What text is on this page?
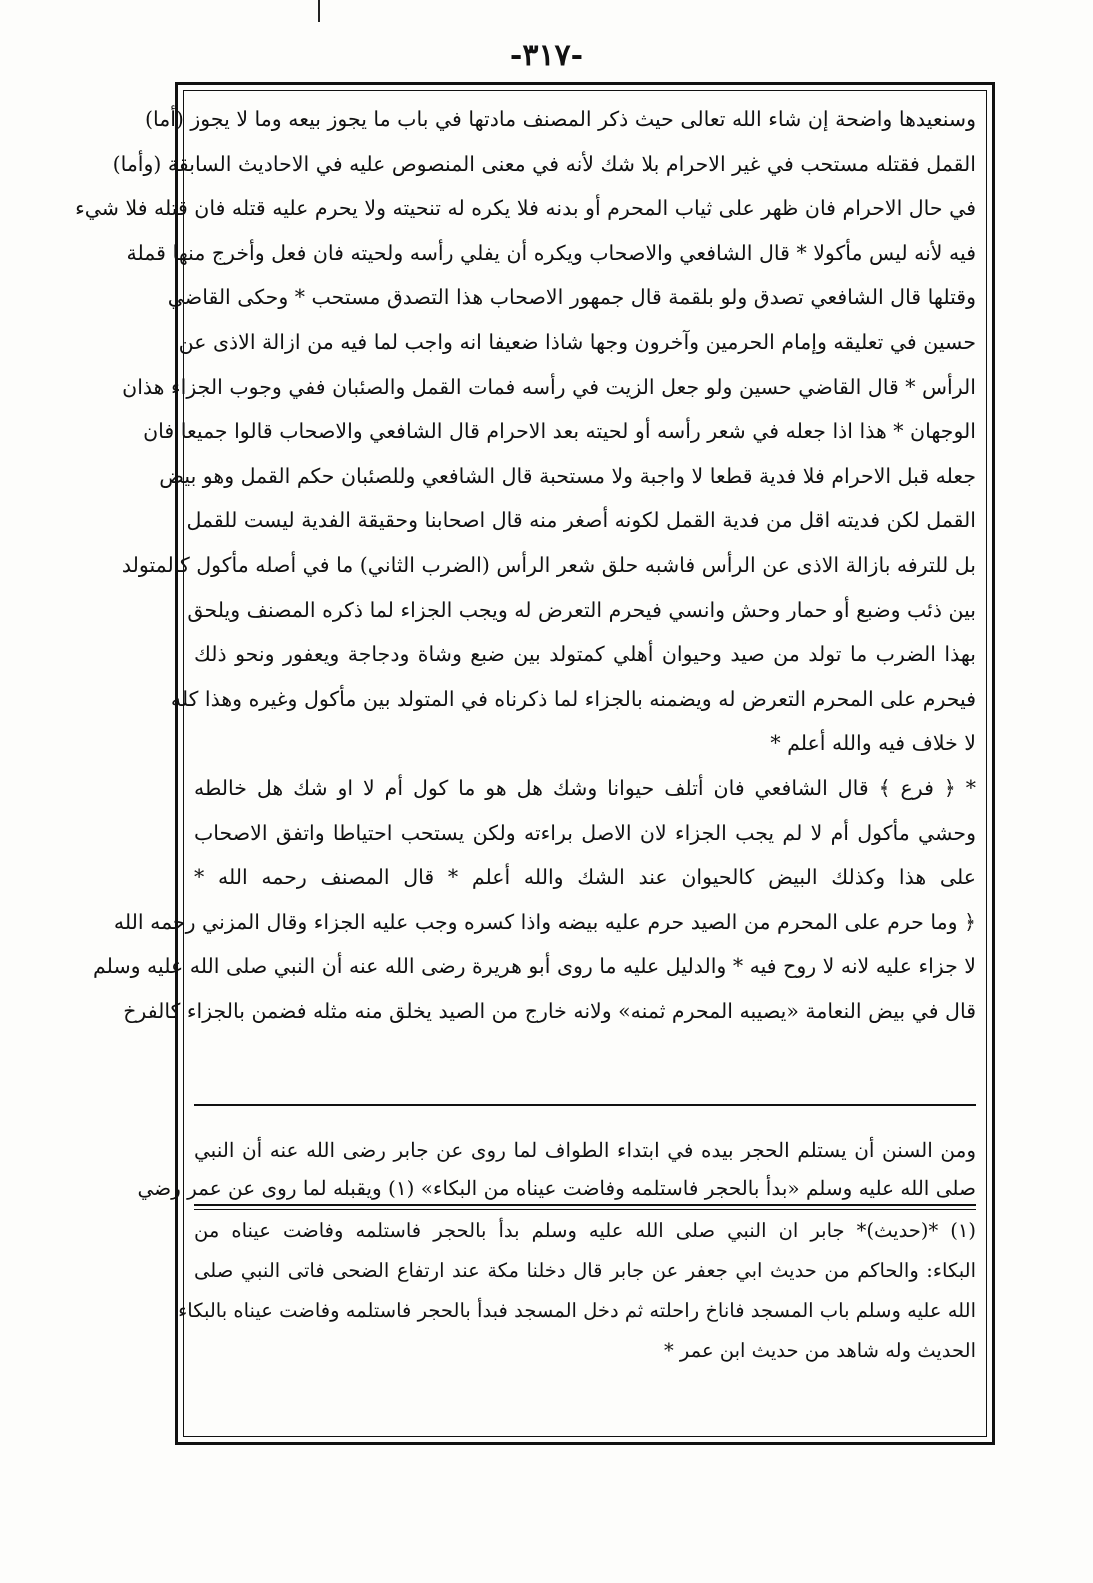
-٣١٧-
وسنعيدها واضحة إن شاء الله تعالى حيث ذكر المصنف مادتها في باب ما يجوز بيعه وما لا يجوز (أما)
القمل فقتله مستحب في غير الاحرام بلا شك لأنه في معنى المنصوص عليه في الاحاديث السابقة (وأما)
في حال الاحرام فان ظهر على ثياب المحرم أو بدنه فلا يكره له تنحيته ولا يحرم عليه قتله فان قتله فلا شيء
فيه لأنه ليس مأكولا * قال الشافعي والاصحاب ويكره أن يفلي رأسه ولحيته فان فعل وأخرج منها قملة
وقتلها قال الشافعي تصدق ولو بلقمة قال جمهور الاصحاب هذا التصدق مستحب * وحكى القاضي
حسين في تعليقه وإمام الحرمين وآخرون وجها شاذا ضعيفا انه واجب لما فيه من ازالة الاذى عن
الرأس * قال القاضي حسين ولو جعل الزيت في رأسه فمات القمل والصئبان ففي وجوب الجزاء هذان
الوجهان * هذا اذا جعله في شعر رأسه أو لحيته بعد الاحرام قال الشافعي والاصحاب قالوا جميعا فان
جعله قبل الاحرام فلا فدية قطعا لا واجبة ولا مستحبة قال الشافعي وللصئبان حكم القمل وهو بيض
القمل لكن فديته اقل من فدية القمل لكونه أصغر منه قال اصحابنا وحقيقة الفدية ليست للقمل
بل للترفه بازالة الاذى عن الرأس فاشبه حلق شعر الرأس (الضرب الثاني) ما في أصله مأكول كالمتولد
بين ذئب وضبع أو حمار وحش وانسي فيحرم التعرض له ويجب الجزاء لما ذكره المصنف ويلحق
بهذا الضرب ما تولد من صيد وحيوان أهلي كمتولد بين ضبع وشاة ودجاجة ويعفور ونحو ذلك
فيحرم على المحرم التعرض له ويضمنه بالجزاء لما ذكرناه في المتولد بين مأكول وغيره وهذا كله
لا خلاف فيه والله أعلم *
* ﴿ فرع ﴾ قال الشافعي فان أتلف حيوانا وشك هل هو ما كول أم لا او شك هل خالطه
وحشي مأكول أم لا لم يجب الجزاء لان الاصل براءته ولكن يستحب احتياطا واتفق الاصحاب
على هذا وكذلك البيض كالحيوان عند الشك والله أعلم * قال المصنف رحمه الله *
﴿ وما حرم على المحرم من الصيد حرم عليه بيضه واذا كسره وجب عليه الجزاء وقال المزني رحمه الله
لا جزاء عليه لانه لا روح فيه * والدليل عليه ما روى أبو هريرة رضى الله عنه أن النبي صلى الله عليه وسلم
قال في بيض النعامة «يصيبه المحرم ثمنه» ولانه خارج من الصيد يخلق منه مثله فضمن بالجزاء كالفرخ
ومن السنن أن يستلم الحجر بيده في ابتداء الطواف لما روى عن جابر رضى الله عنه أن النبي
صلى الله عليه وسلم «بدأ بالحجر فاستلمه وفاضت عيناه من البكاء» (١) ويقبله لما روى عن عمر رضي
(١) *(حديث)* جابر ان النبي صلى الله عليه وسلم بدأ بالحجر فاستلمه وفاضت عيناه من
البكاء: والحاكم من حديث ابي جعفر عن جابر قال دخلنا مكة عند ارتفاع الضحى فاتى النبي صلى
الله عليه وسلم باب المسجد فاناخ راحلته ثم دخل المسجد فبدأ بالحجر فاستلمه وفاضت عيناه بالبكاء
الحديث وله شاهد من حديث ابن عمر *
